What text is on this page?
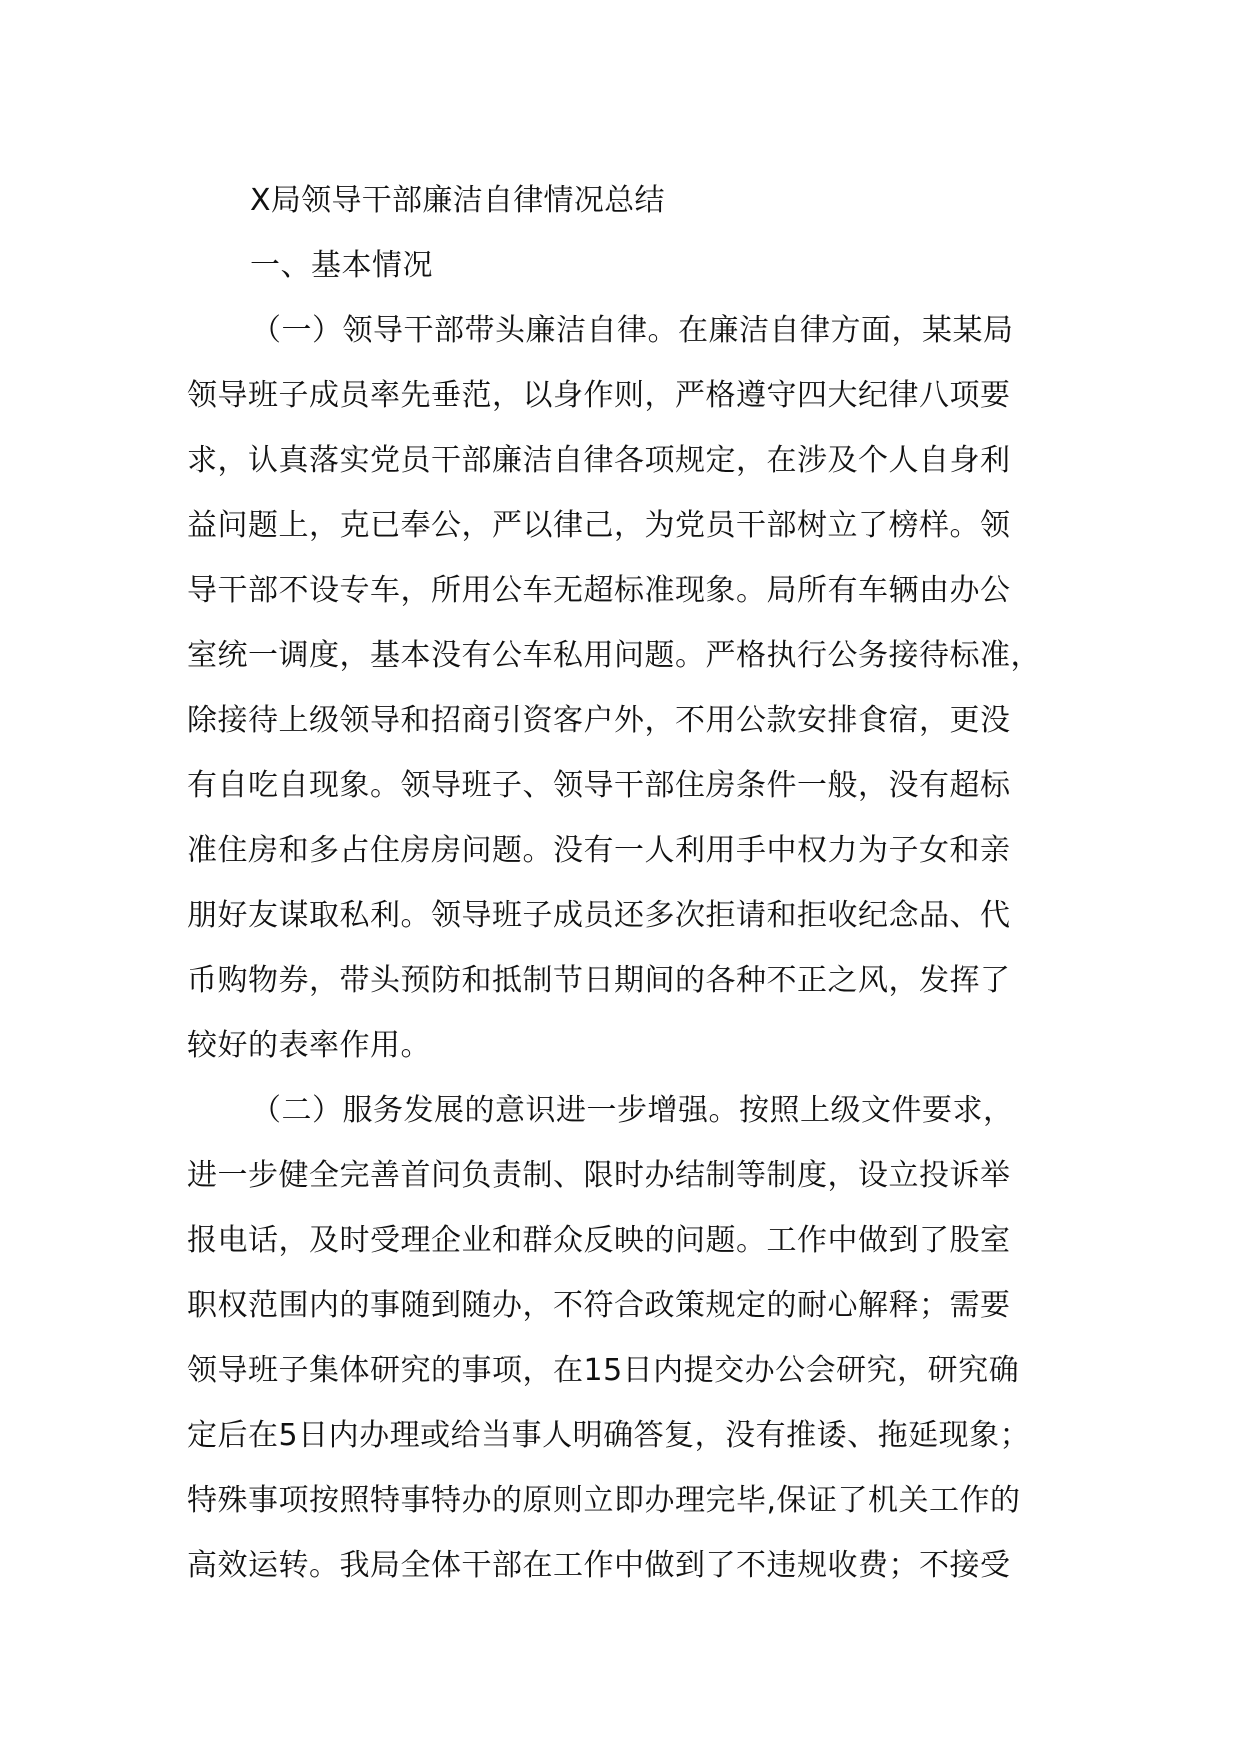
X局领导干部廉洁自律情况总结
一、基本情况
（一）领导干部带头廉洁自律。在廉洁自律方面，某某局
领导班子成员率先垂范，以身作则，严格遵守四大纪律八项要
求，认真落实党员干部廉洁自律各项规定，在涉及个人自身利
益问题上，克已奉公，严以律己，为党员干部树立了榜样。领
导干部不设专车，所用公车无超标准现象。局所有车辆由办公
室统一调度，基本没有公车私用问题。严格执行公务接待标准，
除接待上级领导和招商引资客户外，不用公款安排食宿，更没
有自吃自现象。领导班子、领导干部住房条件一般，没有超标
准住房和多占住房房问题。没有一人利用手中权力为子女和亲
朋好友谋取私利。领导班子成员还多次拒请和拒收纪念品、代
币购物券，带头预防和抵制节日期间的各种不正之风，发挥了
较好的表率作用。
（二）服务发展的意识进一步增强。按照上级文件要求，
进一步健全完善首问负责制、限时办结制等制度，设立投诉举
报电话，及时受理企业和群众反映的问题。工作中做到了股室
职权范围内的事随到随办，不符合政策规定的耐心解释；需要
领导班子集体研究的事项，在15日内提交办公会研究，研究确
定后在5日内办理或给当事人明确答复，没有推诿、拖延现象；
特殊事项按照特事特办的原则立即办理完毕,保证了机关工作的
高效运转。我局全体干部在工作中做到了不违规收费；不接受
